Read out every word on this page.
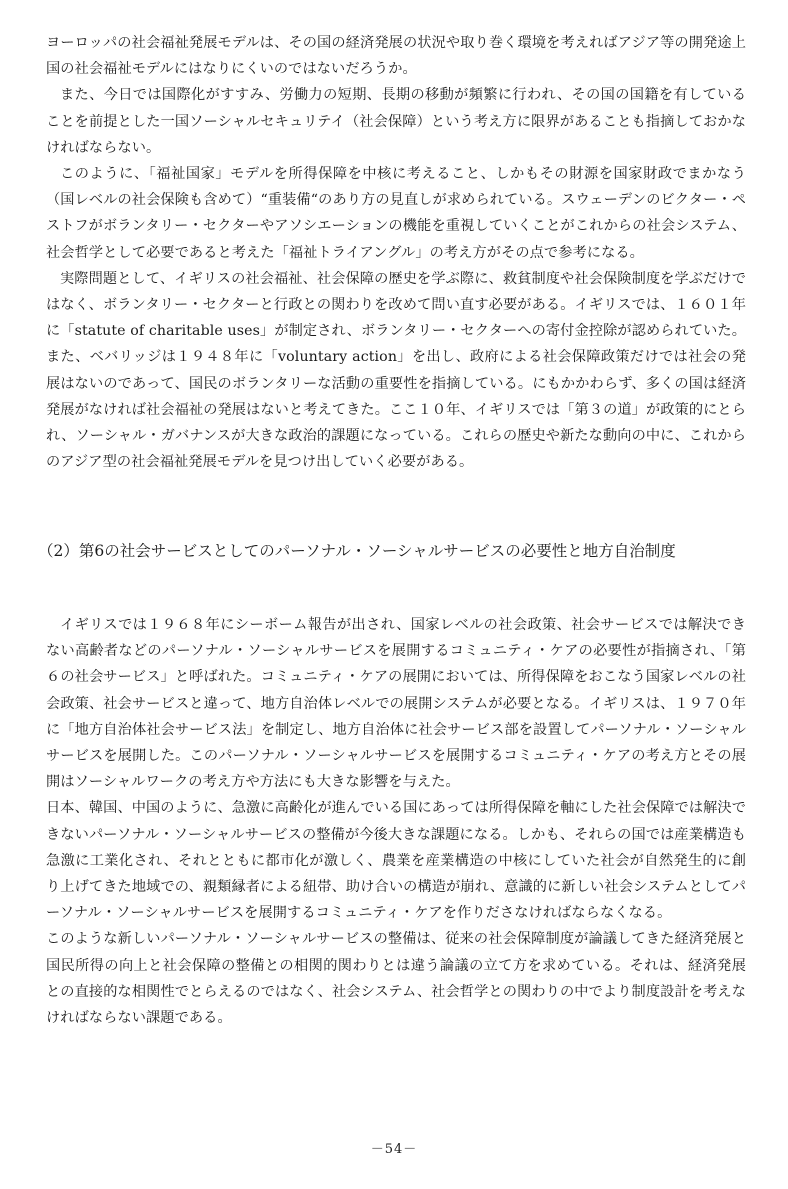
ヨーロッパの社会福祉発展モデルは、その国の経済発展の状況や取り巻く環境を考えればアジア等の開発途上国の社会福祉モデルにはなりにくいのではないだろうか。

また、今日では国際化がすすみ、労働力の短期、長期の移動が頻繁に行われ、その国の国籍を有していることを前提とした一国ソーシャルセキュリテイ（社会保障）という考え方に限界があることも指摘しておかなければならない。

このように、「福祉国家」モデルを所得保障を中核に考えること、しかもその財源を国家財政でまかなう（国レベルの社会保険も含めて）“重装備“のあり方の見直しが求められている。スウェーデンのビクター・ペストフがボランタリー・セクターやアソシエーションの機能を重視していくことがこれからの社会システム、社会哲学として必要であると考えた「福祉トライアングル」の考え方がその点で参考になる。

実際問題として、イギリスの社会福祉、社会保障の歴史を学ぶ際に、救貧制度や社会保険制度を学ぶだけではなく、ボランタリー・セクターと行政との関わりを改めて問い直す必要がある。イギリスでは、１６０１年に「statute of charitable uses」が制定され、ボランタリー・セクターへの寄付金控除が認められていた。また、ベバリッジは１９４８年に「voluntary action」を出し、政府による社会保障政策だけでは社会の発展はないのであって、国民のボランタリーな活動の重要性を指摘している。にもかかわらず、多くの国は経済発展がなければ社会福祉の発展はないと考えてきた。ここ１０年、イギリスでは「第３の道」が政策的にとられ、ソーシャル・ガバナンスが大きな政治的課題になっている。これらの歴史や新たな動向の中に、これからのアジア型の社会福祉発展モデルを見つけ出していく必要がある。

（2）第6の社会サービスとしてのパーソナル・ソーシャルサービスの必要性と地方自治制度

イギリスでは１９６８年にシーボーム報告が出され、国家レベルの社会政策、社会サービスでは解決できない高齢者などのパーソナル・ソーシャルサービスを展開するコミュニティ・ケアの必要性が指摘され、「第６の社会サービス」と呼ばれた。コミュニティ・ケアの展開においては、所得保障をおこなう国家レベルの社会政策、社会サービスと違って、地方自治体レベルでの展開システムが必要となる。イギリスは、１９７０年に「地方自治体社会サービス法」を制定し、地方自治体に社会サービス部を設置してパーソナル・ソーシャルサービスを展開した。このパーソナル・ソーシャルサービスを展開するコミュニティ・ケアの考え方とその展開はソーシャルワークの考え方や方法にも大きな影響を与えた。

日本、韓国、中国のように、急激に高齢化が進んでいる国にあっては所得保障を軸にした社会保障では解決できないパーソナル・ソーシャルサービスの整備が今後大きな課題になる。しかも、それらの国では産業構造も急激に工業化され、それとともに都市化が激しく、農業を産業構造の中核にしていた社会が自然発生的に創り上げてきた地域での、親類縁者による紐帯、助け合いの構造が崩れ、意識的に新しい社会システムとしてパーソナル・ソーシャルサービスを展開するコミュニティ・ケアを作りださなければならなくなる。

このような新しいパーソナル・ソーシャルサービスの整備は、従来の社会保障制度が論議してきた経済発展と国民所得の向上と社会保障の整備との相関的関わりとは違う論議の立て方を求めている。それは、経済発展との直接的な相関性でとらえるのではなく、社会システム、社会哲学との関わりの中でより制度設計を考えなければならない課題である。

－54－
